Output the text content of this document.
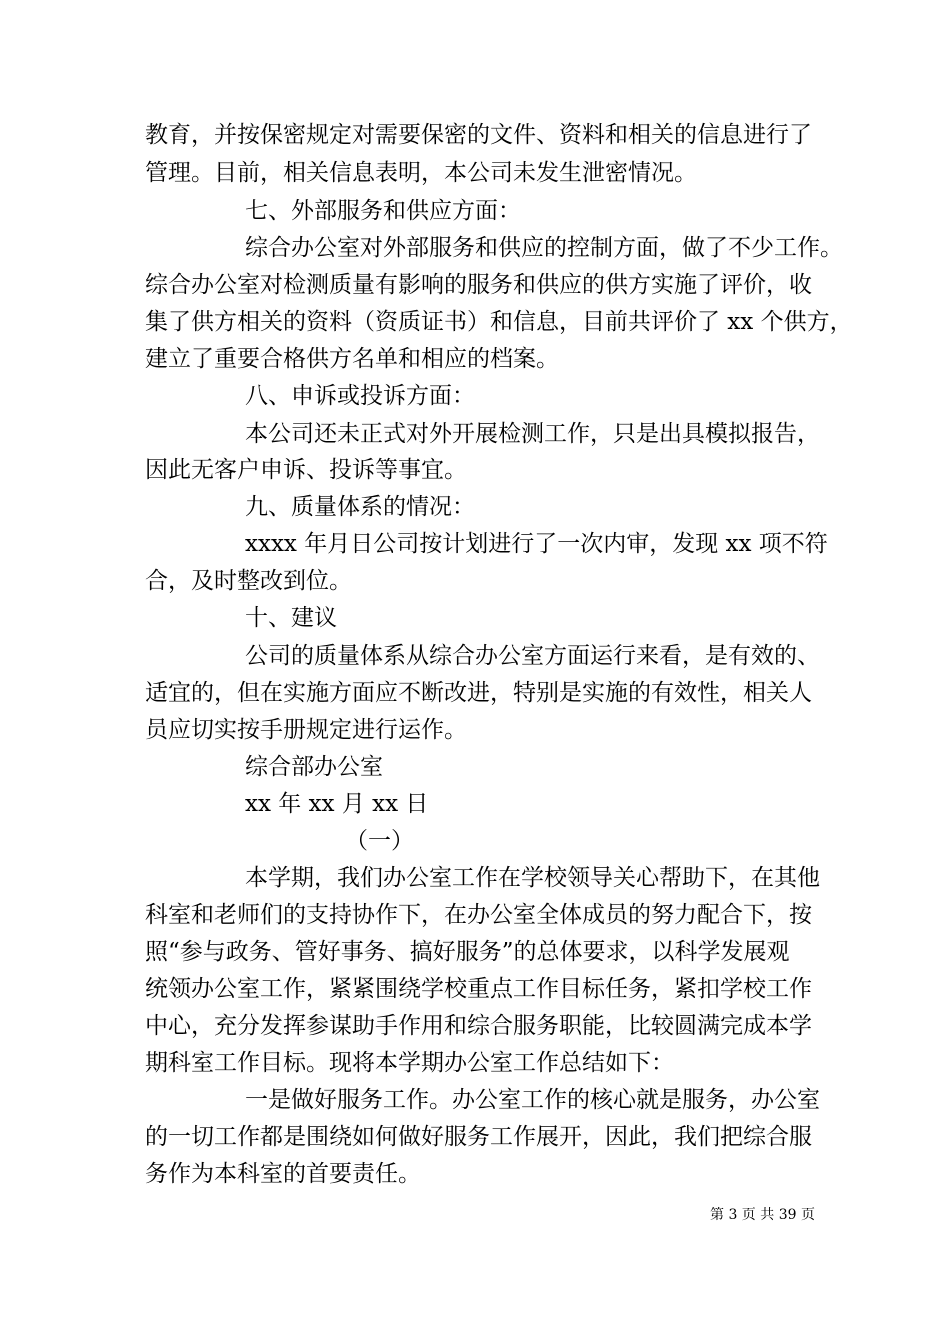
教育，并按保密规定对需要保密的文件、资料和相关的信息进行了
管理。目前，相关信息表明，本公司未发生泄密情况。
七、外部服务和供应方面：
综合办公室对外部服务和供应的控制方面，做了不少工作。
综合办公室对检测质量有影响的服务和供应的供方实施了评价，收
集了供方相关的资料（资质证书）和信息，目前共评价了 xx 个供方，
建立了重要合格供方名单和相应的档案。
八、申诉或投诉方面：
本公司还未正式对外开展检测工作，只是出具模拟报告，
因此无客户申诉、投诉等事宜。
九、质量体系的情况：
xxxx 年月日公司按计划进行了一次内审，发现 xx 项不符
合，及时整改到位。
十、建议
公司的质量体系从综合办公室方面运行来看，是有效的、
适宜的，但在实施方面应不断改进，特别是实施的有效性，相关人
员应切实按手册规定进行运作。
综合部办公室
xx 年 xx 月 xx 日
（一）
本学期，我们办公室工作在学校领导关心帮助下，在其他
科室和老师们的支持协作下，在办公室全体成员的努力配合下，按
照“参与政务、管好事务、搞好服务”的总体要求，以科学发展观
统领办公室工作，紧紧围绕学校重点工作目标任务，紧扣学校工作
中心，充分发挥参谋助手作用和综合服务职能，比较圆满完成本学
期科室工作目标。现将本学期办公室工作总结如下：
一是做好服务工作。办公室工作的核心就是服务，办公室
的一切工作都是围绕如何做好服务工作展开，因此，我们把综合服
务作为本科室的首要责任。
第 3 页 共 39 页
